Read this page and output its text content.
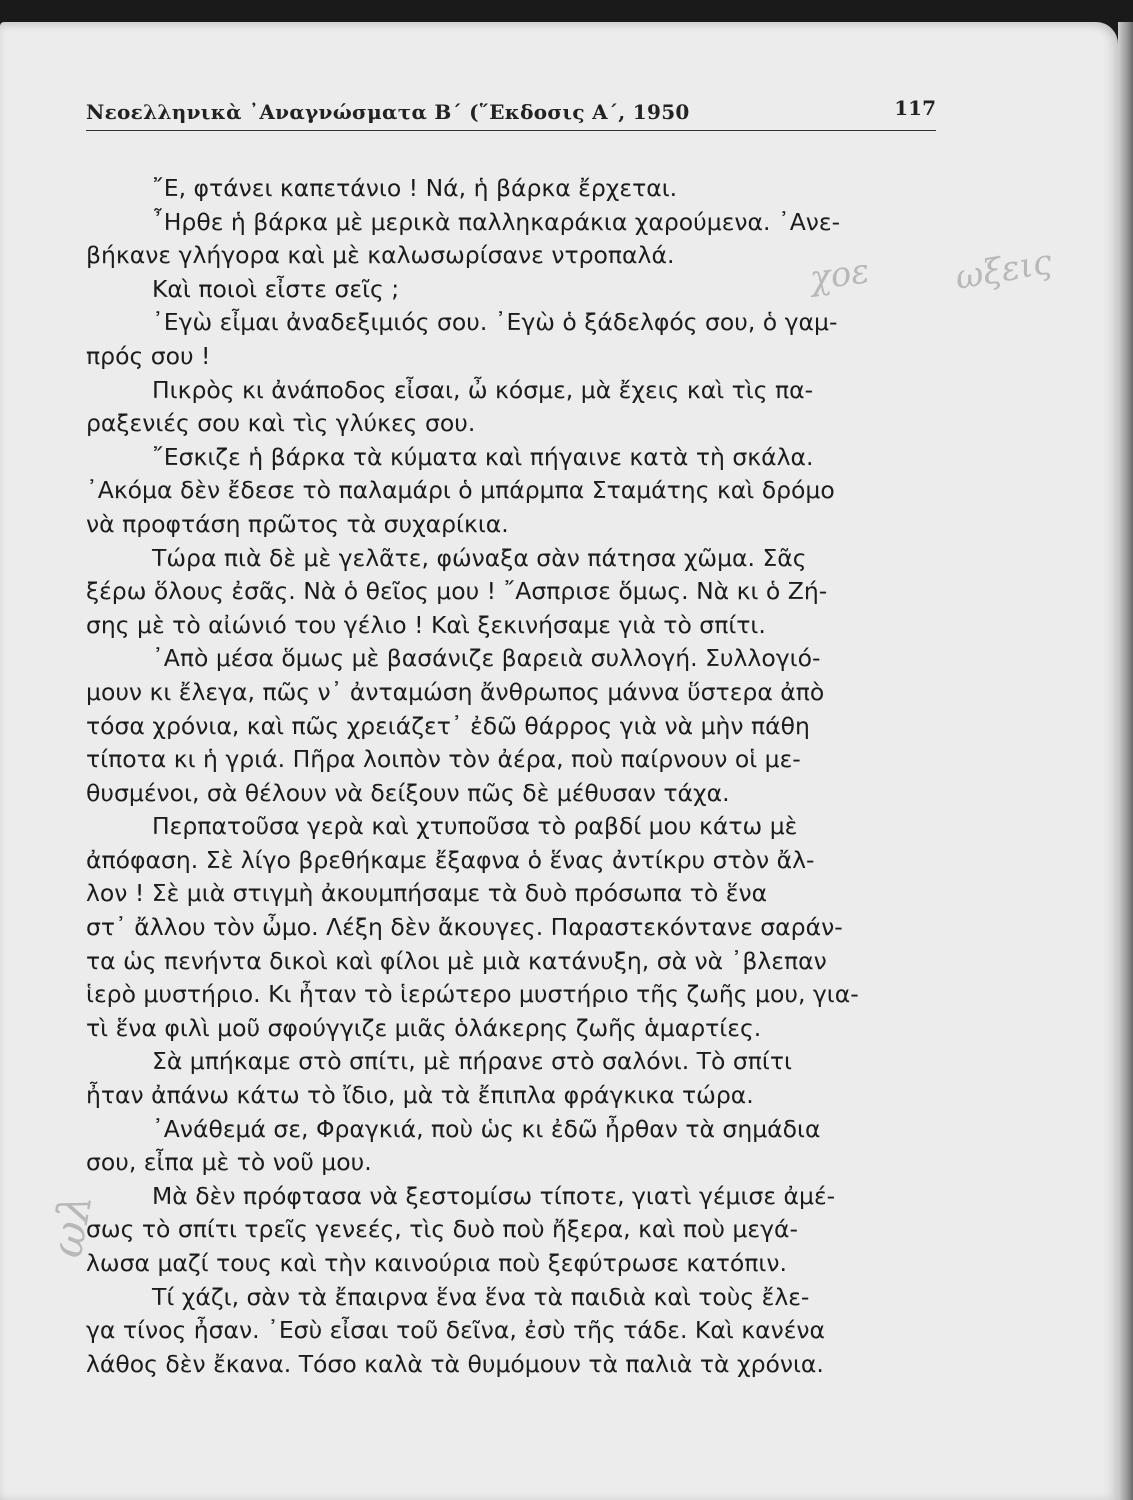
Νεοελληνικὰ ᾽Αναγνώσματα Β΄ (῞Εκδοσις Α΄, 1950	117
῎Ε, φτάνει καπετάνιο ! Νά, ἡ βάρκα ἔρχεται.
῏Ηρθε ἡ βάρκα μὲ μερικὰ παλληκαράκια χαρούμενα. ᾽Ανε-
βήκανε γλήγορα καὶ μὲ καλωσωρίσανε ντροπαλά.
Καὶ ποιοὶ εἶστε σεῖς ;
᾽Εγὼ εἶμαι ἀναδεξιμιός σου. ᾽Εγὼ ὁ ξάδελφός σου, ὁ γαμ-
πρός σου !
Πικρὸς κι ἀνάποδος εἶσαι, ὦ κόσμε, μὰ ἔχεις καὶ τὶς πα-
ραξενιές σου καὶ τὶς γλύκες σου.
῎Εσκιζε ἡ βάρκα τὰ κύματα καὶ πήγαινε κατὰ τὴ σκάλα.
᾽Ακόμα δὲν ἔδεσε τὸ παλαμάρι ὁ μπάρμπα Σταμάτης καὶ δρόμο
νὰ προφτάση πρῶτος τὰ συχαρίκια.
Τώρα πιὰ δὲ μὲ γελᾶτε, φώναξα σὰν πάτησα χῶμα. Σᾶς
ξέρω ὅλους ἐσᾶς. Νὰ ὁ θεῖος μου ! ῎Ασπρισε ὅμως. Νὰ κι ὁ Ζή-
σης μὲ τὸ αἰώνιό του γέλιο ! Καὶ ξεκινήσαμε γιὰ τὸ σπίτι.
᾽Απὸ μέσα ὅμως μὲ βασάνιζε βαρειὰ συλλογή. Συλλογιό-
μουν κι ἔλεγα, πῶς ν᾽ ἀνταμώση ἄνθρωπος μάννα ὕστερα ἀπὸ
τόσα χρόνια, καὶ πῶς χρειάζετ᾽ ἐδῶ θάρρος γιὰ νὰ μὴν πάθη
τίποτα κι ἡ γριά. Πῆρα λοιπὸν τὸν ἀέρα, ποὺ παίρνουν οἱ με-
θυσμένοι, σὰ θέλουν νὰ δείξουν πῶς δὲ μέθυσαν τάχα.
Περπατοῦσα γερὰ καὶ χτυποῦσα τὸ ραβδί μου κάτω μὲ
ἀπόφαση. Σὲ λίγο βρεθήκαμε ἔξαφνα ὁ ἕνας ἀντίκρυ στὸν ἄλ-
λον ! Σὲ μιὰ στιγμὴ ἀκουμπήσαμε τὰ δυὸ πρόσωπα τὸ ἕνα
στ᾽ ἄλλου τὸν ὦμο. Λέξη δὲν ἄκουγες. Παραστεκόντανε σαράν-
τα ὡς πενήντα δικοὶ καὶ φίλοι μὲ μιὰ κατάνυξη, σὰ νὰ ᾽βλεπαν
ἱερὸ μυστήριο. Κι ἦταν τὸ ἱερώτερο μυστήριο τῆς ζωῆς μου, για-
τὶ ἕνα φιλὶ μοῦ σφούγγιζε μιᾶς ὁλάκερης ζωῆς ἁμαρτίες.
Σὰ μπήκαμε στὸ σπίτι, μὲ πήρανε στὸ σαλόνι. Τὸ σπίτι
ἦταν ἀπάνω κάτω τὸ ἴδιο, μὰ τὰ ἔπιπλα φράγκικα τώρα.
᾽Ανάθεμά σε, Φραγκιά, ποὺ ὡς κι ἐδῶ ἦρθαν τὰ σημάδια
σου, εἶπα μὲ τὸ νοῦ μου.
Μὰ δὲν πρόφτασα νὰ ξεστομίσω τίποτε, γιατὶ γέμισε ἀμέ-
σως τὸ σπίτι τρεῖς γενεές, τὶς δυὸ ποὺ ἤξερα, καὶ ποὺ μεγά-
λωσα μαζί τους καὶ τὴν καινούρια ποὺ ξεφύτρωσε κατόπιν.
Τί χάζι, σὰν τὰ ἔπαιρνα ἕνα ἕνα τὰ παιδιὰ καὶ τοὺς ἔλε-
γα τίνος ἦσαν. ᾽Εσὺ εἶσαι τοῦ δεῖνα, ἐσὺ τῆς τάδε. Καὶ κανένα
λάθος δὲν ἔκανα. Τόσο καλὰ τὰ θυμόμουν τὰ παλιὰ τὰ χρόνια.
χοε ωξεις
ωλ
